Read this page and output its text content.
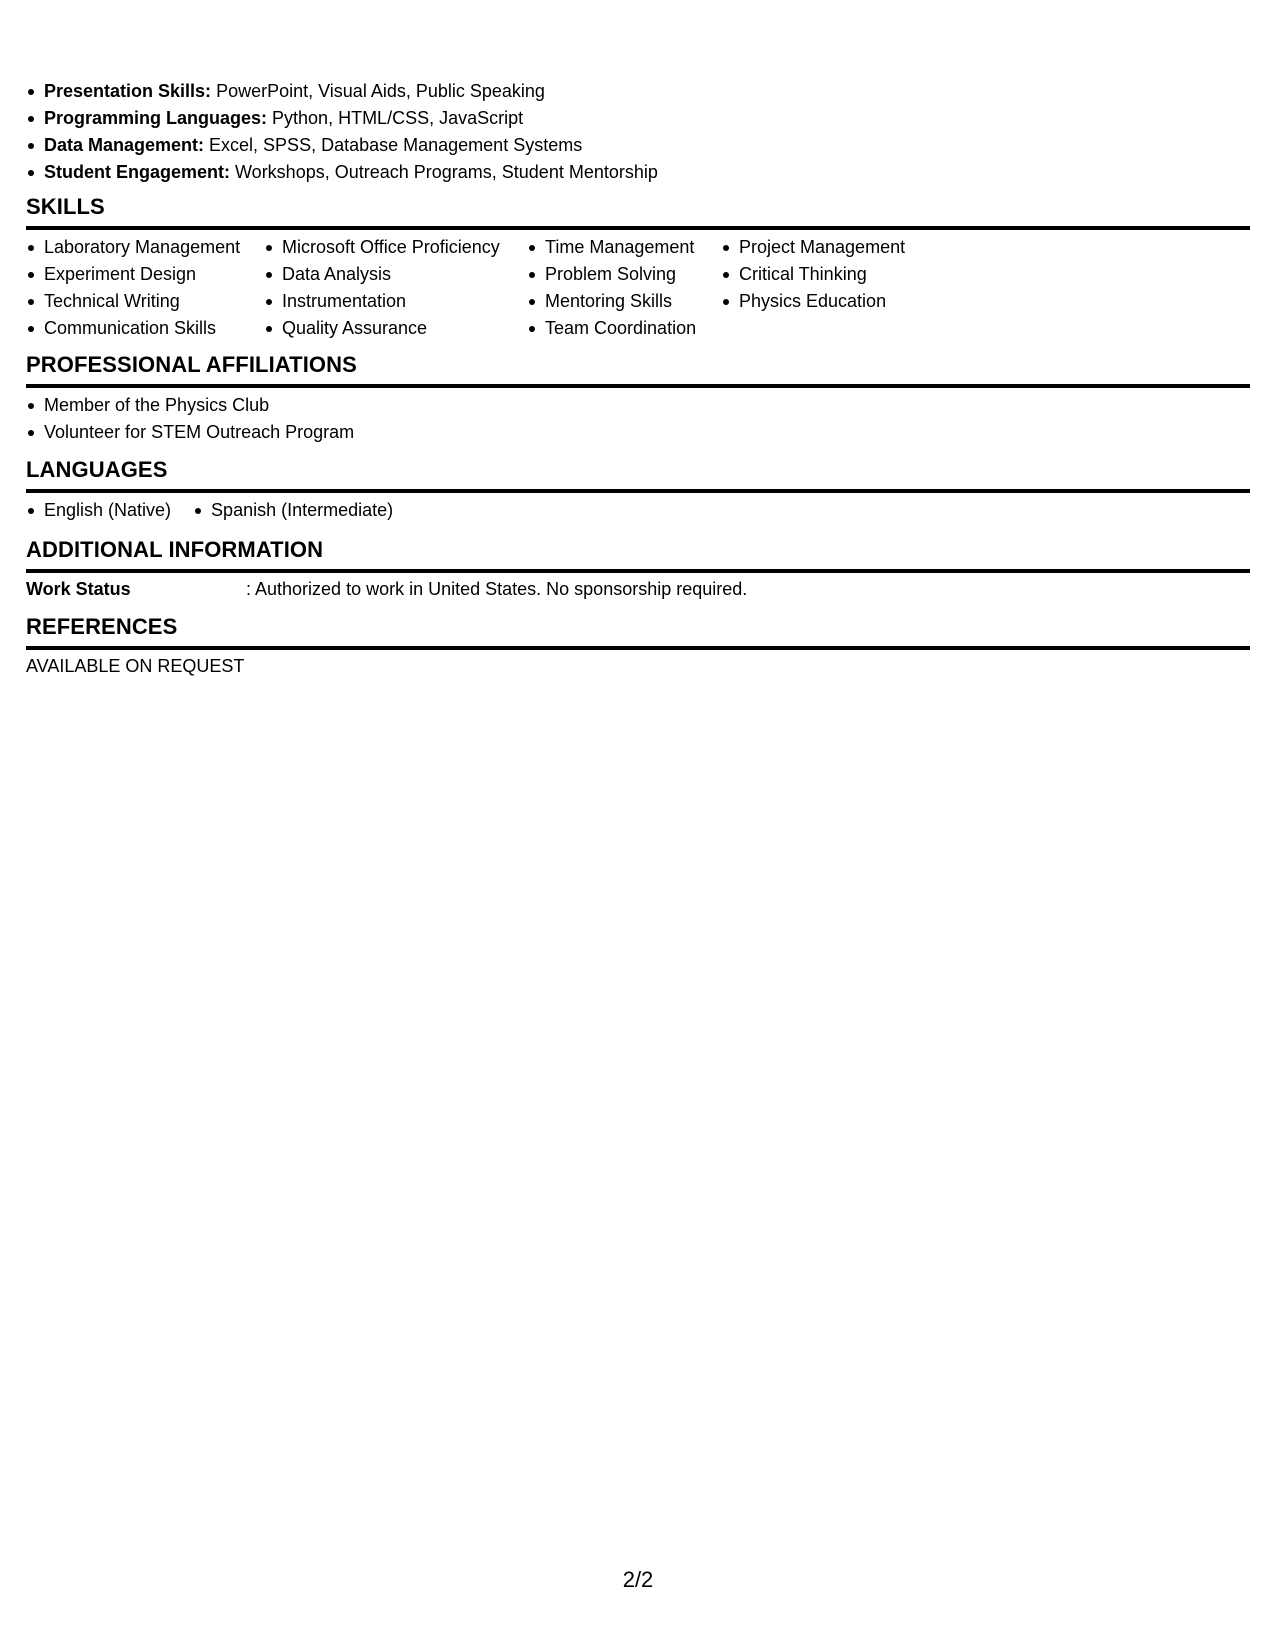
Presentation Skills: PowerPoint, Visual Aids, Public Speaking
Programming Languages: Python, HTML/CSS, JavaScript
Data Management: Excel, SPSS, Database Management Systems
Student Engagement: Workshops, Outreach Programs, Student Mentorship
SKILLS
Laboratory Management
Experiment Design
Technical Writing
Communication Skills
Microsoft Office Proficiency
Data Analysis
Instrumentation
Quality Assurance
Time Management
Problem Solving
Mentoring Skills
Team Coordination
Project Management
Critical Thinking
Physics Education
PROFESSIONAL AFFILIATIONS
Member of the Physics Club
Volunteer for STEM Outreach Program
LANGUAGES
English (Native)	Spanish (Intermediate)
ADDITIONAL INFORMATION
Work Status	: Authorized to work in United States. No sponsorship required.
REFERENCES
AVAILABLE ON REQUEST
2/2
